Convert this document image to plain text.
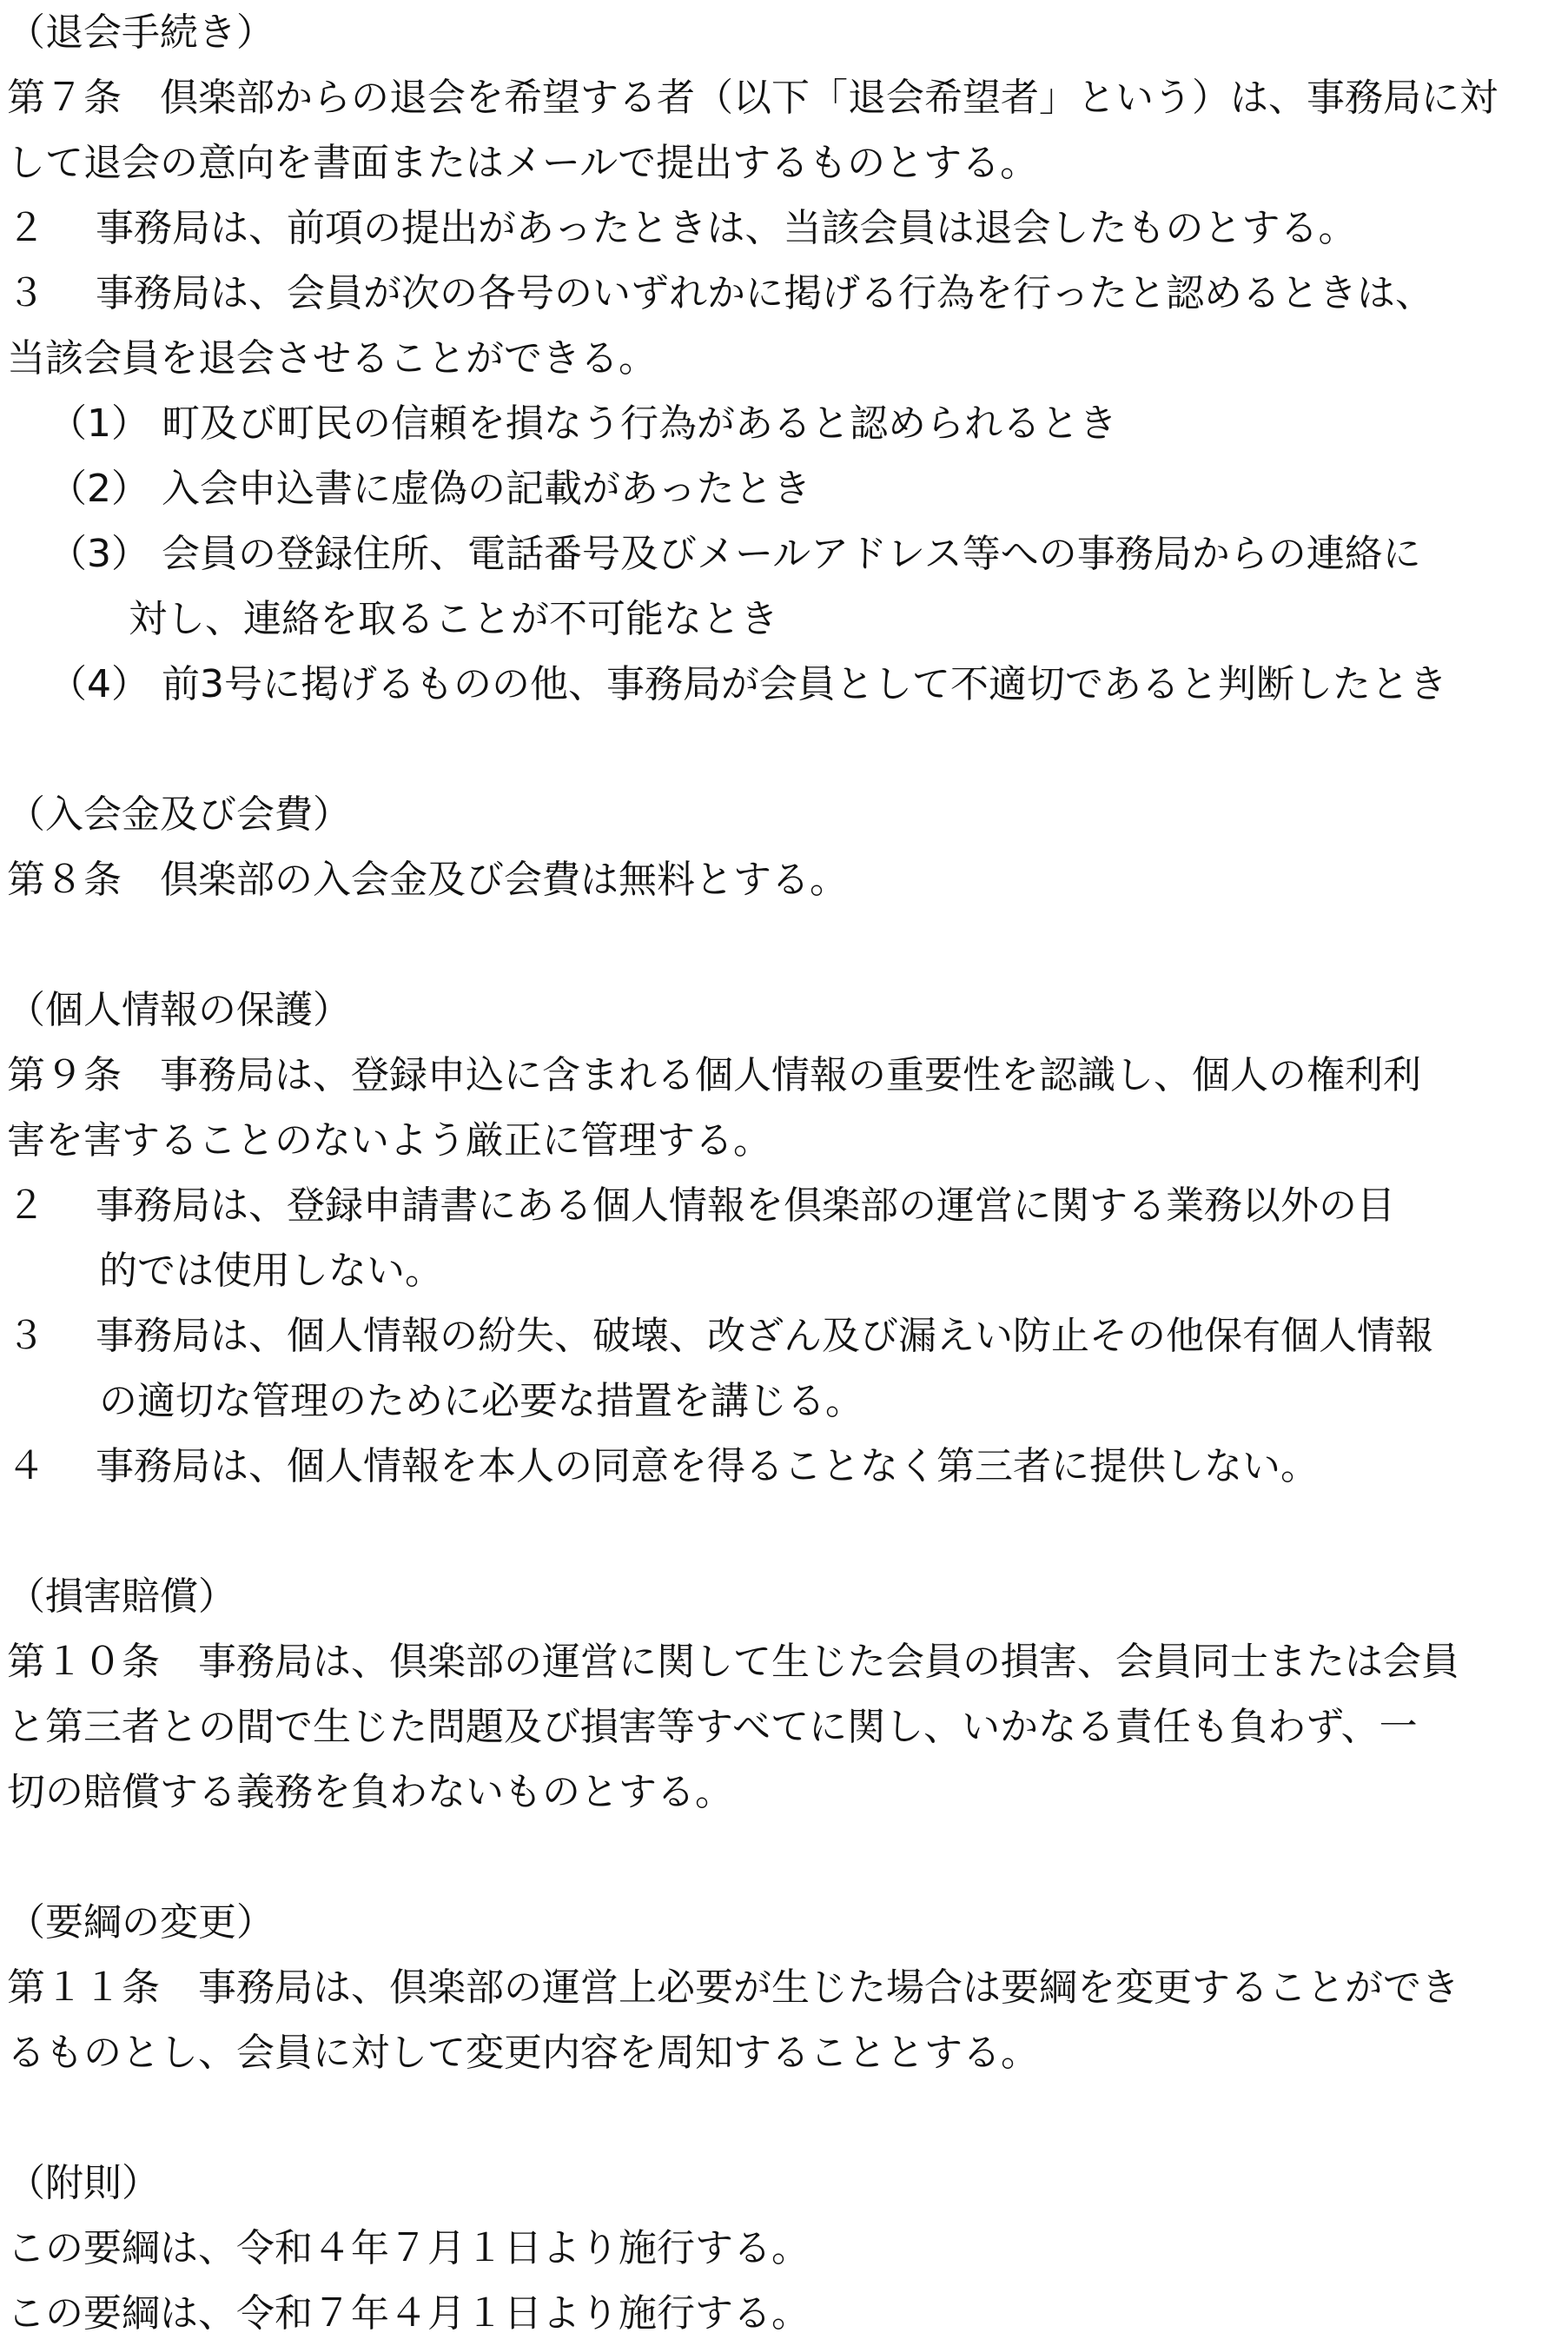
（退会手続き）
第７条　倶楽部からの退会を希望する者（以下「退会希望者」という）は、事務局に対
して退会の意向を書面またはメールで提出するものとする。
２　 事務局は、前項の提出があったときは、当該会員は退会したものとする。
３　 事務局は、会員が次の各号のいずれかに掲げる行為を行ったと認めるときは、
当該会員を退会させることができる。
（1） 町及び町民の信頼を損なう行為があると認められるとき
（2） 入会申込書に虚偽の記載があったとき
（3） 会員の登録住所、電話番号及びメールアドレス等への事務局からの連絡に
対し、連絡を取ることが不可能なとき
（4） 前3号に掲げるものの他、事務局が会員として不適切であると判断したとき
（入会金及び会費）
第８条　倶楽部の入会金及び会費は無料とする。
（個人情報の保護）
第９条　事務局は、登録申込に含まれる個人情報の重要性を認識し、個人の権利利
害を害することのないよう厳正に管理する。
２　 事務局は、登録申請書にある個人情報を倶楽部の運営に関する業務以外の目
的では使用しない。
３　 事務局は、個人情報の紛失、破壊、改ざん及び漏えい防止その他保有個人情報
の適切な管理のために必要な措置を講じる。
４　 事務局は、個人情報を本人の同意を得ることなく第三者に提供しない。
（損害賠償）
第１０条　事務局は、倶楽部の運営に関して生じた会員の損害、会員同士または会員
と第三者との間で生じた問題及び損害等すべてに関し、いかなる責任も負わず、一
切の賠償する義務を負わないものとする。
（要綱の変更）
第１１条　事務局は、倶楽部の運営上必要が生じた場合は要綱を変更することができ
るものとし、会員に対して変更内容を周知することとする。
（附則）
この要綱は、令和４年７月１日より施行する。
この要綱は、令和７年４月１日より施行する。
